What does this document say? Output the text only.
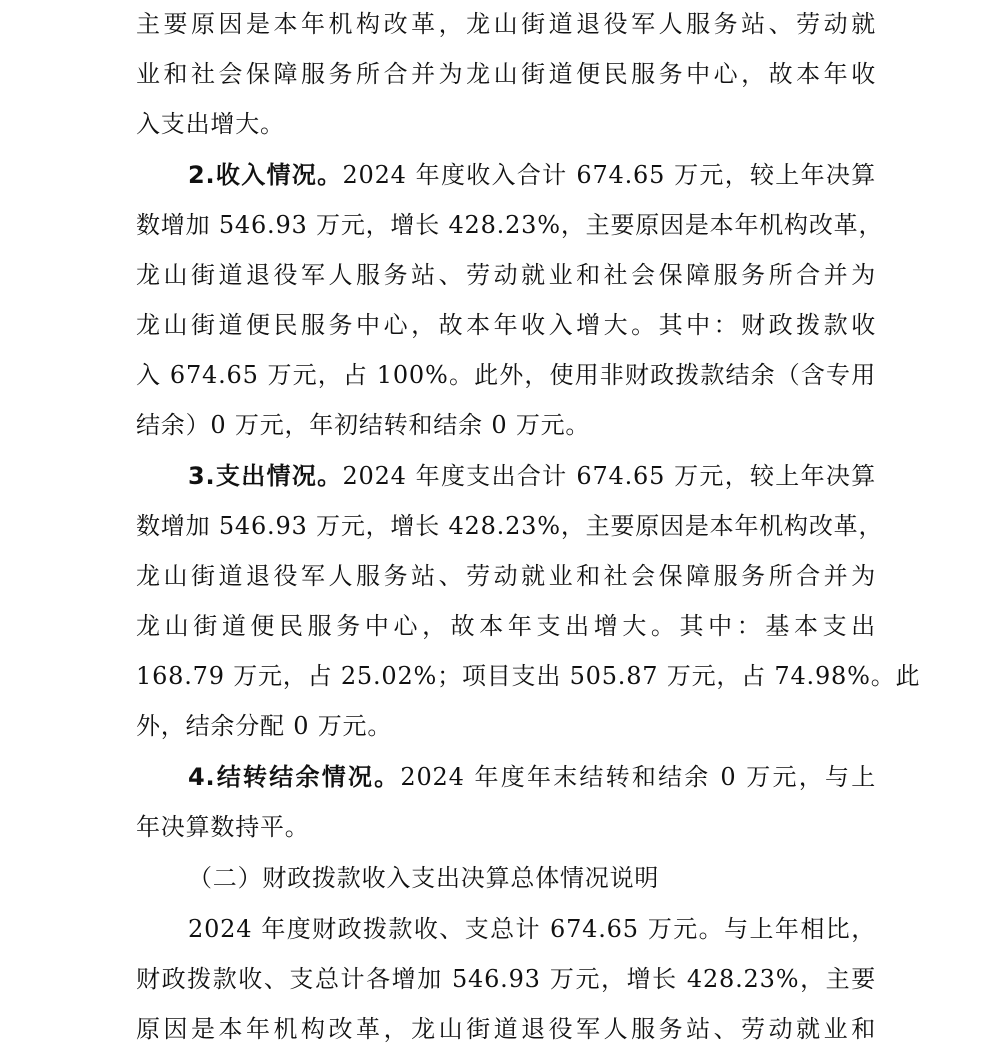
主要原因是本年机构改革，龙山街道退役军人服务站、劳动就
业和社会保障服务所合并为龙山街道便民服务中心，故本年收
入支出增大。
2.收入情况。2024 年度收入合计 674.65 万元，较上年决算
数增加 546.93 万元，增长 428.23%，主要原因是本年机构改革，
龙山街道退役军人服务站、劳动就业和社会保障服务所合并为
龙山街道便民服务中心，故本年收入增大。其中：财政拨款收
入 674.65 万元，占 100%。此外，使用非财政拨款结余（含专用
结余）0 万元，年初结转和结余 0 万元。
3.支出情况。2024 年度支出合计 674.65 万元，较上年决算
数增加 546.93 万元，增长 428.23%，主要原因是本年机构改革，
龙山街道退役军人服务站、劳动就业和社会保障服务所合并为
龙山街道便民服务中心，故本年支出增大。其中：基本支出
168.79 万元，占 25.02%；项目支出 505.87 万元，占 74.98%。此
外，结余分配 0 万元。
4.结转结余情况。2024 年度年末结转和结余 0 万元，与上
年决算数持平。
（二）财政拨款收入支出决算总体情况说明
2024 年度财政拨款收、支总计 674.65 万元。与上年相比，
财政拨款收、支总计各增加 546.93 万元，增长 428.23%，主要
原因是本年机构改革，龙山街道退役军人服务站、劳动就业和
